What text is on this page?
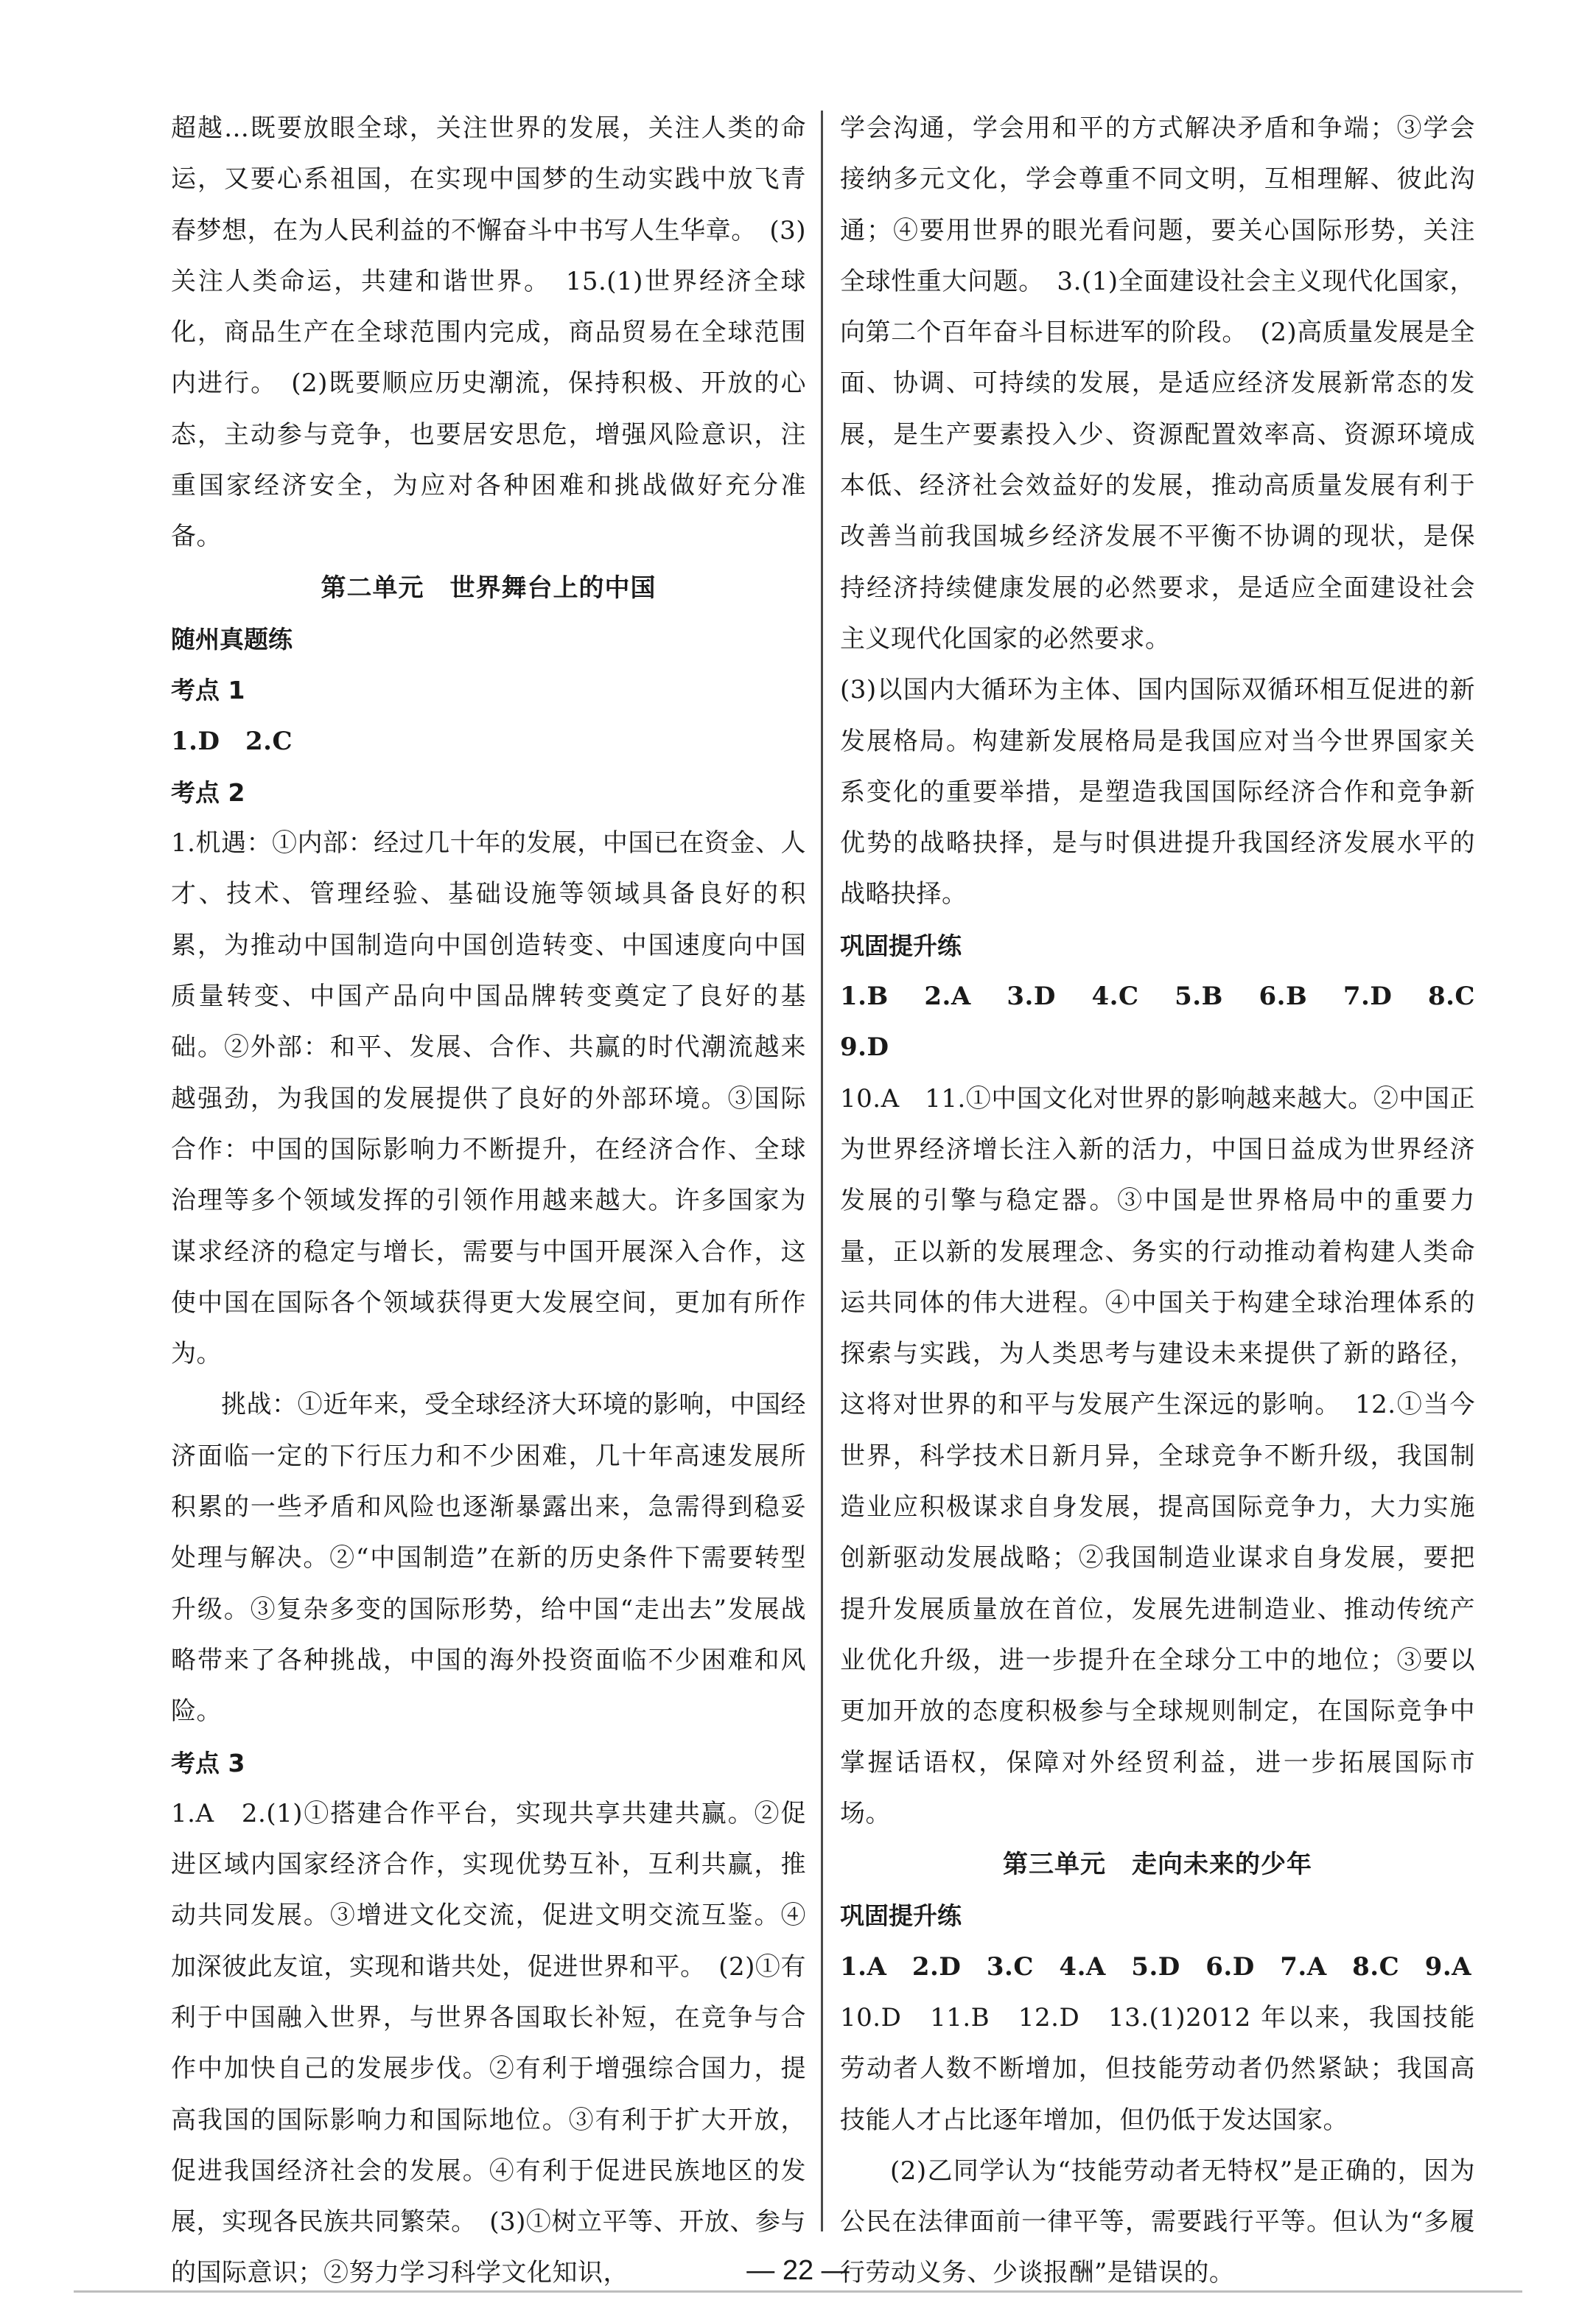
超越…既要放眼全球，关注世界的发展，关注人类的命运，又要心系祖国，在实现中国梦的生动实践中放飞青春梦想，在为人民利益的不懈奋斗中书写人生华章。　(3)关注人类命运，共建和谐世界。　15.(1)世界经济全球化，商品生产在全球范围内完成，商品贸易在全球范围内进行。　(2)既要顺应历史潮流，保持积极、开放的心态，主动参与竞争，也要居安思危，增强风险意识，注重国家经济安全，为应对各种困难和挑战做好充分准备。

第二单元　世界舞台上的中国

随州真题练

考点 1

1.D　2.C

考点 2

1.机遇：①内部：经过几十年的发展，中国已在资金、人才、技术、管理经验、基础设施等领域具备良好的积累，为推动中国制造向中国创造转变、中国速度向中国质量转变、中国产品向中国品牌转变奠定了良好的基础。②外部：和平、发展、合作、共赢的时代潮流越来越强劲，为我国的发展提供了良好的外部环境。③国际合作：中国的国际影响力不断提升，在经济合作、全球治理等多个领域发挥的引领作用越来越大。许多国家为谋求经济的稳定与增长，需要与中国开展深入合作，这使中国在国际各个领域获得更大发展空间，更加有所作为。

挑战：①近年来，受全球经济大环境的影响，中国经济面临一定的下行压力和不少困难，几十年高速发展所积累的一些矛盾和风险也逐渐暴露出来，急需得到稳妥处理与解决。②“中国制造”在新的历史条件下需要转型升级。③复杂多变的国际形势，给中国“走出去”发展战略带来了各种挑战，中国的海外投资面临不少困难和风险。

考点 3

1.A　2.(1)①搭建合作平台，实现共享共建共赢。②促进区域内国家经济合作，实现优势互补，互利共赢，推动共同发展。③增进文化交流，促进文明交流互鉴。④加深彼此友谊，实现和谐共处，促进世界和平。　(2)①有利于中国融入世界，与世界各国取长补短，在竞争与合作中加快自己的发展步伐。②有利于增强综合国力，提高我国的国际影响力和国际地位。③有利于扩大开放，促进我国经济社会的发展。④有利于促进民族地区的发展，实现各民族共同繁荣。　(3)①树立平等、开放、参与的国际意识；②努力学习科学文化知识，

学会沟通，学会用和平的方式解决矛盾和争端；③学会接纳多元文化，学会尊重不同文明，互相理解、彼此沟通；④要用世界的眼光看问题，要关心国际形势，关注全球性重大问题。　3.(1)全面建设社会主义现代化国家，向第二个百年奋斗目标进军的阶段。　(2)高质量发展是全面、协调、可持续的发展，是适应经济发展新常态的发展，是生产要素投入少、资源配置效率高、资源环境成本低、经济社会效益好的发展，推动高质量发展有利于改善当前我国城乡经济发展不平衡不协调的现状，是保持经济持续健康发展的必然要求，是适应全面建设社会主义现代化国家的必然要求。

(3)以国内大循环为主体、国内国际双循环相互促进的新发展格局。构建新发展格局是我国应对当今世界国家关系变化的重要举措，是塑造我国国际经济合作和竞争新优势的战略抉择，是与时俱进提升我国经济发展水平的战略抉择。

巩固提升练

1.B　2.A　3.D　4.C　5.B　6.B　7.D　8.C　9.D

10.A　11.①中国文化对世界的影响越来越大。②中国正为世界经济增长注入新的活力，中国日益成为世界经济发展的引擎与稳定器。③中国是世界格局中的重要力量，正以新的发展理念、务实的行动推动着构建人类命运共同体的伟大进程。④中国关于构建全球治理体系的探索与实践，为人类思考与建设未来提供了新的路径，这将对世界的和平与发展产生深远的影响。　12.①当今世界，科学技术日新月异，全球竞争不断升级，我国制造业应积极谋求自身发展，提高国际竞争力，大力实施创新驱动发展战略；②我国制造业谋求自身发展，要把提升发展质量放在首位，发展先进制造业、推动传统产业优化升级，进一步提升在全球分工中的地位；③要以更加开放的态度积极参与全球规则制定，在国际竞争中掌握话语权，保障对外经贸利益，进一步拓展国际市场。

第三单元　走向未来的少年

巩固提升练

1.A　2.D　3.C　4.A　5.D　6.D　7.A　8.C　9.A

10.D　11.B　12.D　13.(1)2012 年以来，我国技能劳动者人数不断增加，但技能劳动者仍然紧缺；我国高技能人才占比逐年增加，但仍低于发达国家。

(2)乙同学认为“技能劳动者无特权”是正确的，因为公民在法律面前一律平等，需要践行平等。但认为“多履行劳动义务、少谈报酬”是错误的。

— 22 —
